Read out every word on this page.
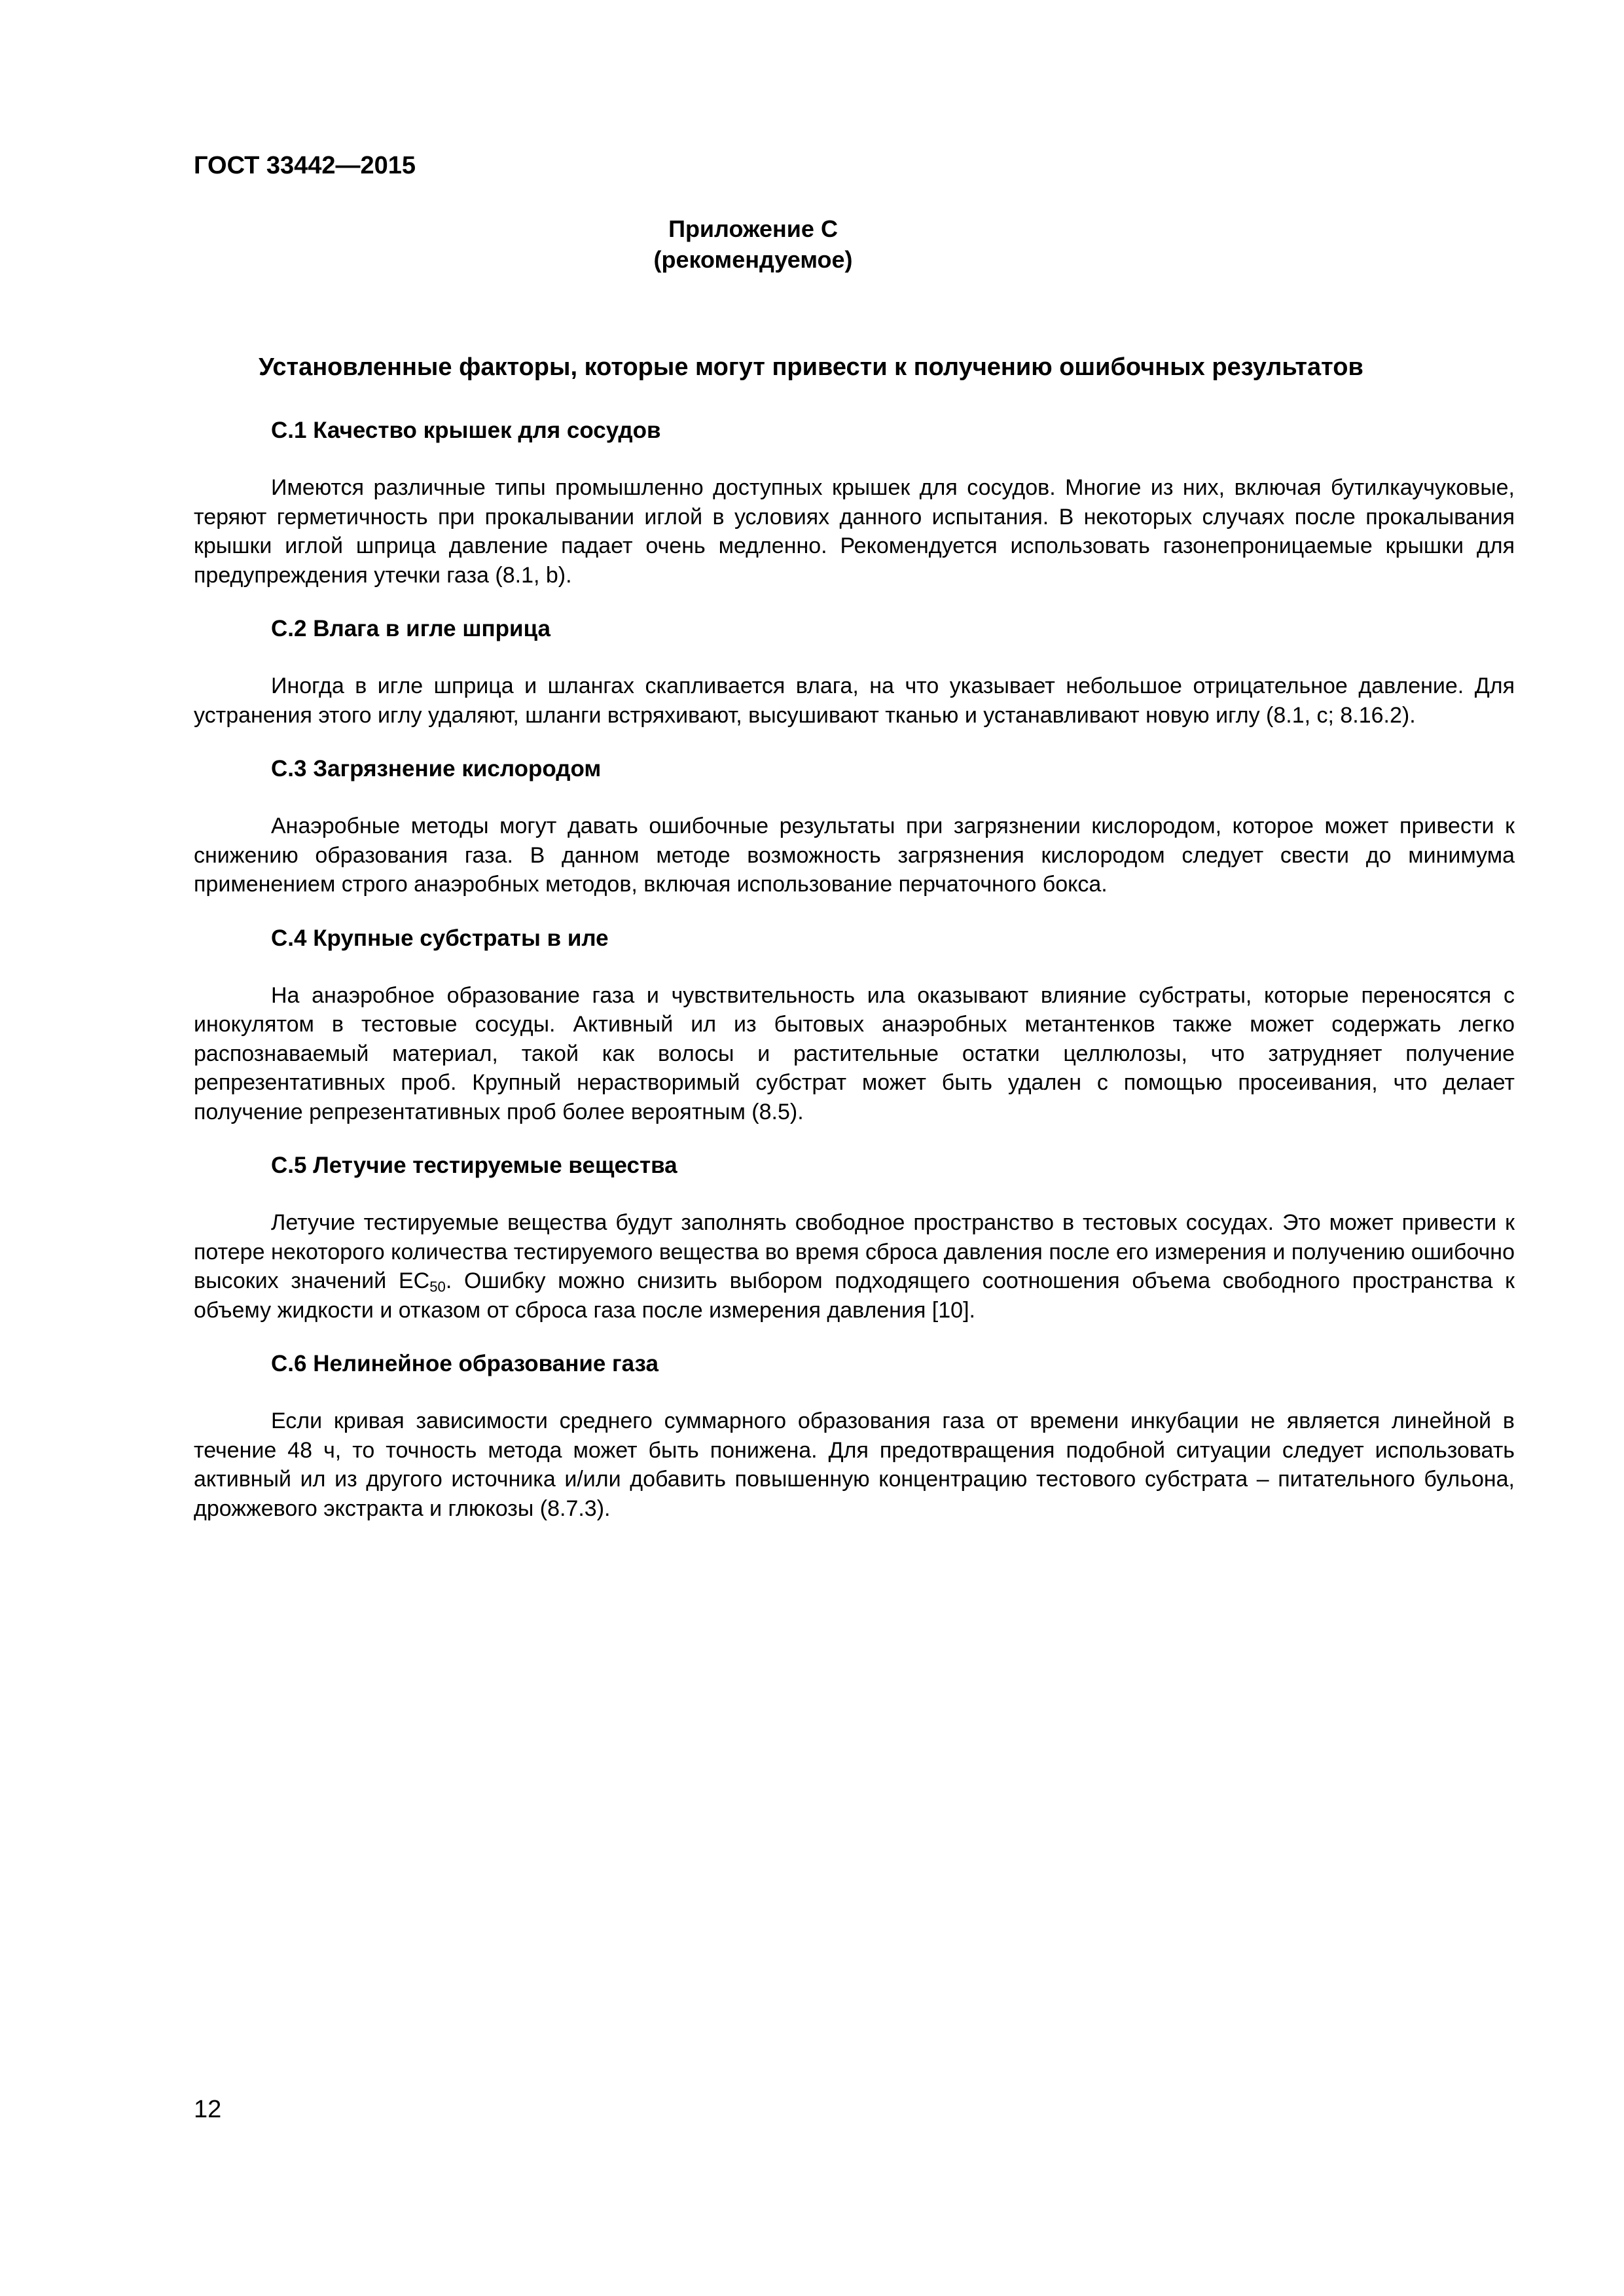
ГОСТ 33442—2015
Приложение С
(рекомендуемое)
Установленные факторы, которые могут привести к получению ошибочных результатов
С.1 Качество крышек для сосудов
Имеются различные типы промышленно доступных крышек для сосудов. Многие из них, включая бутилкаучуковые, теряют герметичность при прокалывании иглой в условиях данного испытания. В некоторых случаях после прокалывания крышки иглой шприца давление падает очень медленно. Рекомендуется использовать газонепроницаемые крышки для предупреждения утечки газа (8.1, b).
С.2 Влага в игле шприца
Иногда в игле шприца и шлангах скапливается влага, на что указывает небольшое отрицательное давление. Для устранения этого иглу удаляют, шланги встряхивают, высушивают тканью и устанавливают новую иглу (8.1, с; 8.16.2).
С.3 Загрязнение кислородом
Анаэробные методы могут давать ошибочные результаты при загрязнении кислородом, которое может привести к снижению образования газа. В данном методе возможность загрязнения кислородом следует свести до минимума применением строго анаэробных методов, включая использование перчаточного бокса.
С.4 Крупные субстраты в иле
На анаэробное образование газа и чувствительность ила оказывают влияние субстраты, которые переносятся с инокулятом в тестовые сосуды. Активный ил из бытовых анаэробных метантенков также может содержать легко распознаваемый материал, такой как волосы и растительные остатки целлюлозы, что затрудняет получение репрезентативных проб. Крупный нерастворимый субстрат может быть удален с помощью просеивания, что делает получение репрезентативных проб более вероятным (8.5).
С.5 Летучие тестируемые вещества
Летучие тестируемые вещества будут заполнять свободное пространство в тестовых сосудах. Это может привести к потере некоторого количества тестируемого вещества во время сброса давления после его измерения и получению ошибочно высоких значений $EC_{50}$. Ошибку можно снизить выбором подходящего соотношения объема свободного пространства к объему жидкости и отказом от сброса газа после измерения давления [10].
С.6 Нелинейное образование газа
Если кривая зависимости среднего суммарного образования газа от времени инкубации не является линейной в течение 48 ч, то точность метода может быть понижена. Для предотвращения подобной ситуации следует использовать активный ил из другого источника и/или добавить повышенную концентрацию тестового субстрата – питательного бульона, дрожжевого экстракта и глюкозы (8.7.3).
12
